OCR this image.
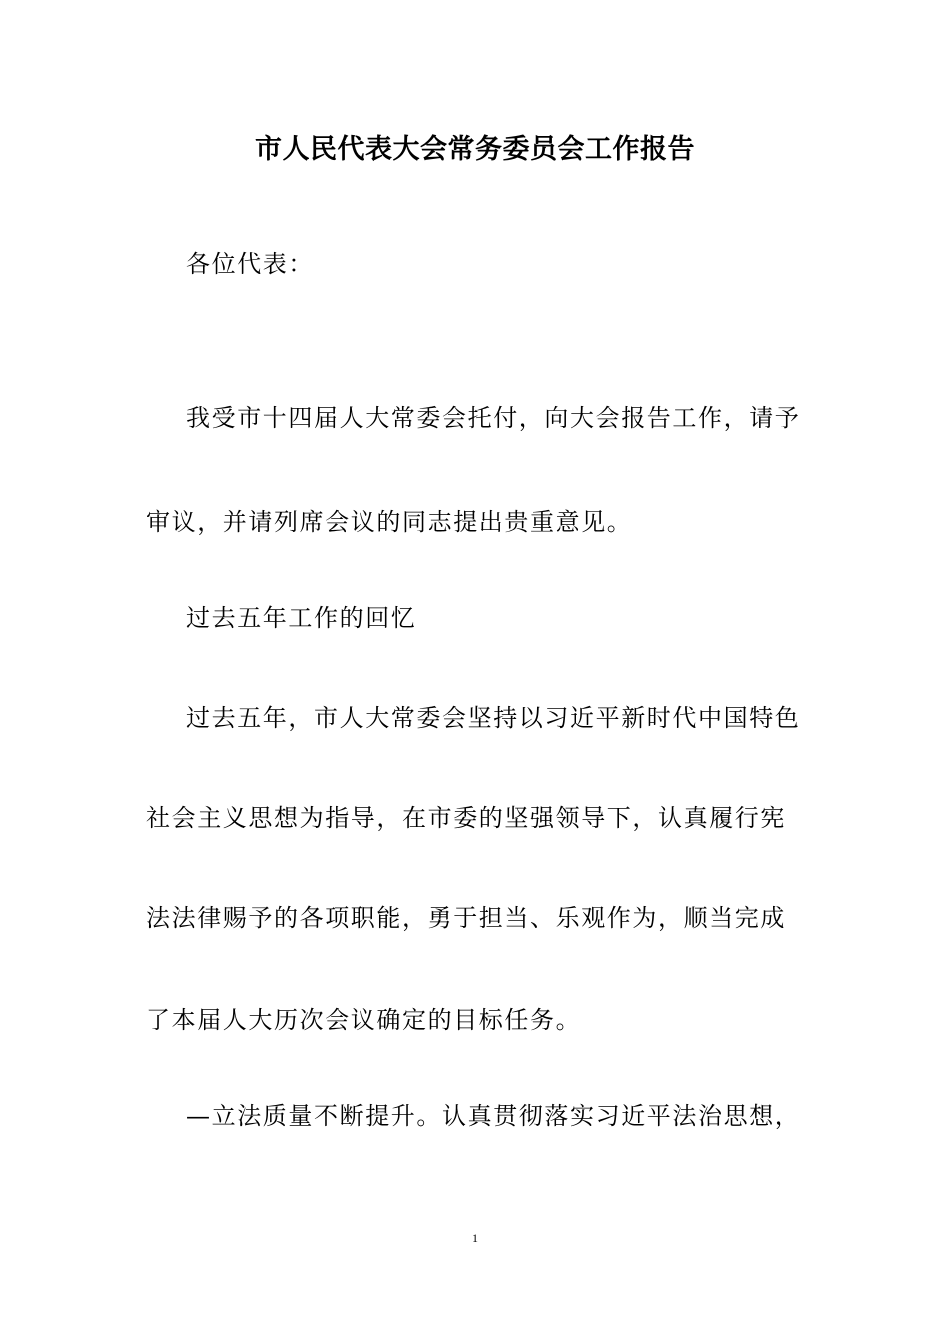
市人民代表大会常务委员会工作报告
各位代表：
我受市十四届人大常委会托付，向大会报告工作，请予
审议，并请列席会议的同志提出贵重意见。
过去五年工作的回忆
过去五年，市人大常委会坚持以习近平新时代中国特色
社会主义思想为指导，在市委的坚强领导下，认真履行宪
法法律赐予的各项职能，勇于担当、乐观作为，顺当完成
了本届人大历次会议确定的目标任务。
—立法质量不断提升。认真贯彻落实习近平法治思想，
1
